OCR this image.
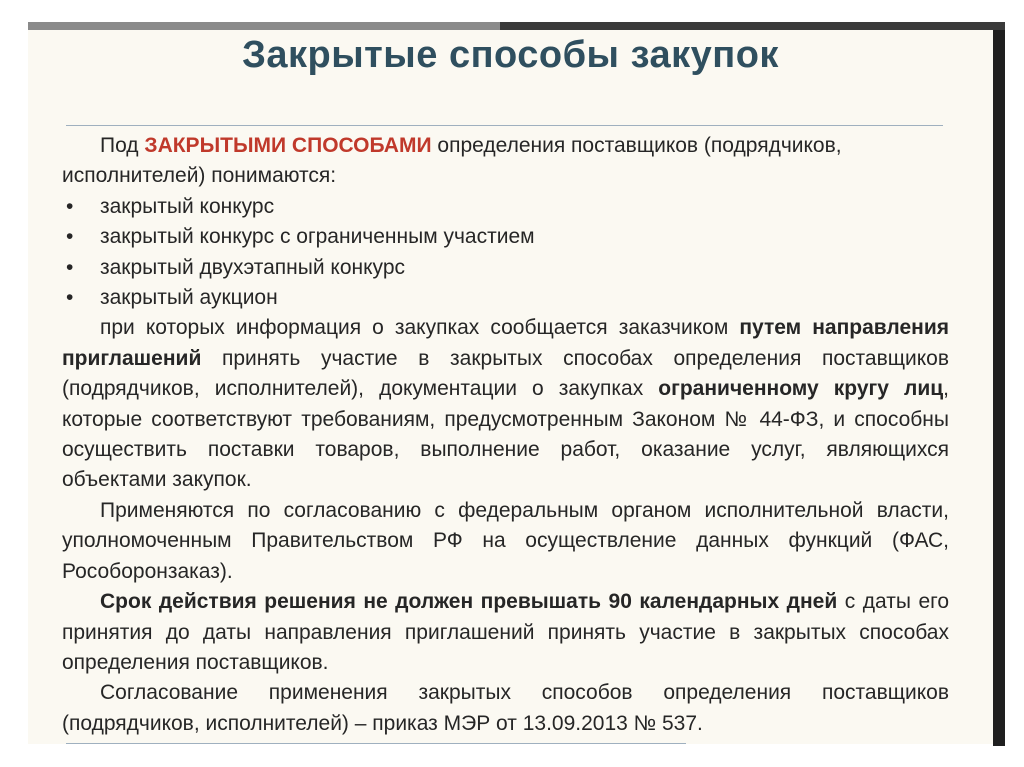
Закрытые способы закупок

Под ЗАКРЫТЫМИ СПОСОБАМИ определения поставщиков (подрядчиков, исполнителей) понимаются:

• закрытый конкурс
• закрытый конкурс с ограниченным участием
• закрытый двухэтапный конкурс
• закрытый аукцион

при которых информация о закупках сообщается заказчиком путем направления приглашений принять участие в закрытых способах определения поставщиков (подрядчиков, исполнителей), документации о закупках ограниченному кругу лиц, которые соответствуют требованиям, предусмотренным Законом № 44-ФЗ, и способны осуществить поставки товаров, выполнение работ, оказание услуг, являющихся объектами закупок.

Применяются по согласованию с федеральным органом исполнительной власти, уполномоченным Правительством РФ на осуществление данных функций (ФАС, Рособоронзаказ).

Срок действия решения не должен превышать 90 календарных дней с даты его принятия до даты направления приглашений принять участие в закрытых способах определения поставщиков.

Согласование применения закрытых способов определения поставщиков (подрядчиков, исполнителей) – приказ МЭР от 13.09.2013 № 537.
